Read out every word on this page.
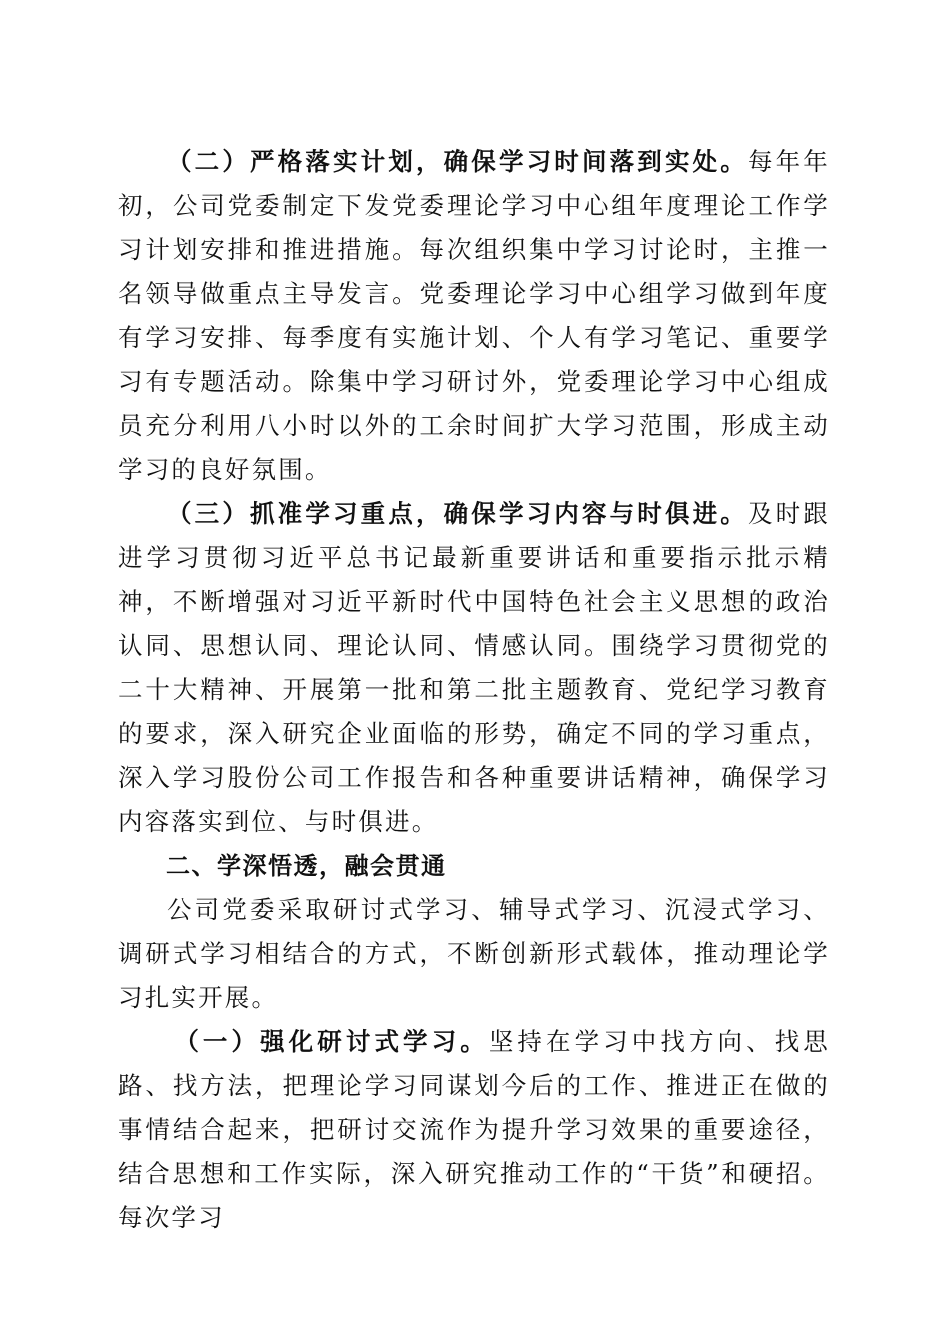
（二）严格落实计划，确保学习时间落到实处。每年年初，公司党委制定下发党委理论学习中心组年度理论工作学习计划安排和推进措施。每次组织集中学习讨论时，主推一名领导做重点主导发言。党委理论学习中心组学习做到年度有学习安排、每季度有实施计划、个人有学习笔记、重要学习有专题活动。除集中学习研讨外，党委理论学习中心组成员充分利用八小时以外的工余时间扩大学习范围，形成主动学习的良好氛围。

（三）抓准学习重点，确保学习内容与时俱进。及时跟进学习贯彻习近平总书记最新重要讲话和重要指示批示精神，不断增强对习近平新时代中国特色社会主义思想的政治认同、思想认同、理论认同、情感认同。围绕学习贯彻党的二十大精神、开展第一批和第二批主题教育、党纪学习教育的要求，深入研究企业面临的形势，确定不同的学习重点，深入学习股份公司工作报告和各种重要讲话精神，确保学习内容落实到位、与时俱进。

二、学深悟透，融会贯通

公司党委采取研讨式学习、辅导式学习、沉浸式学习、调研式学习相结合的方式，不断创新形式载体，推动理论学习扎实开展。

（一）强化研讨式学习。坚持在学习中找方向、找思路、找方法，把理论学习同谋划今后的工作、推进正在做的事情结合起来，把研讨交流作为提升学习效果的重要途径，结合思想和工作实际，深入研究推动工作的“干货”和硬招。每次学习
